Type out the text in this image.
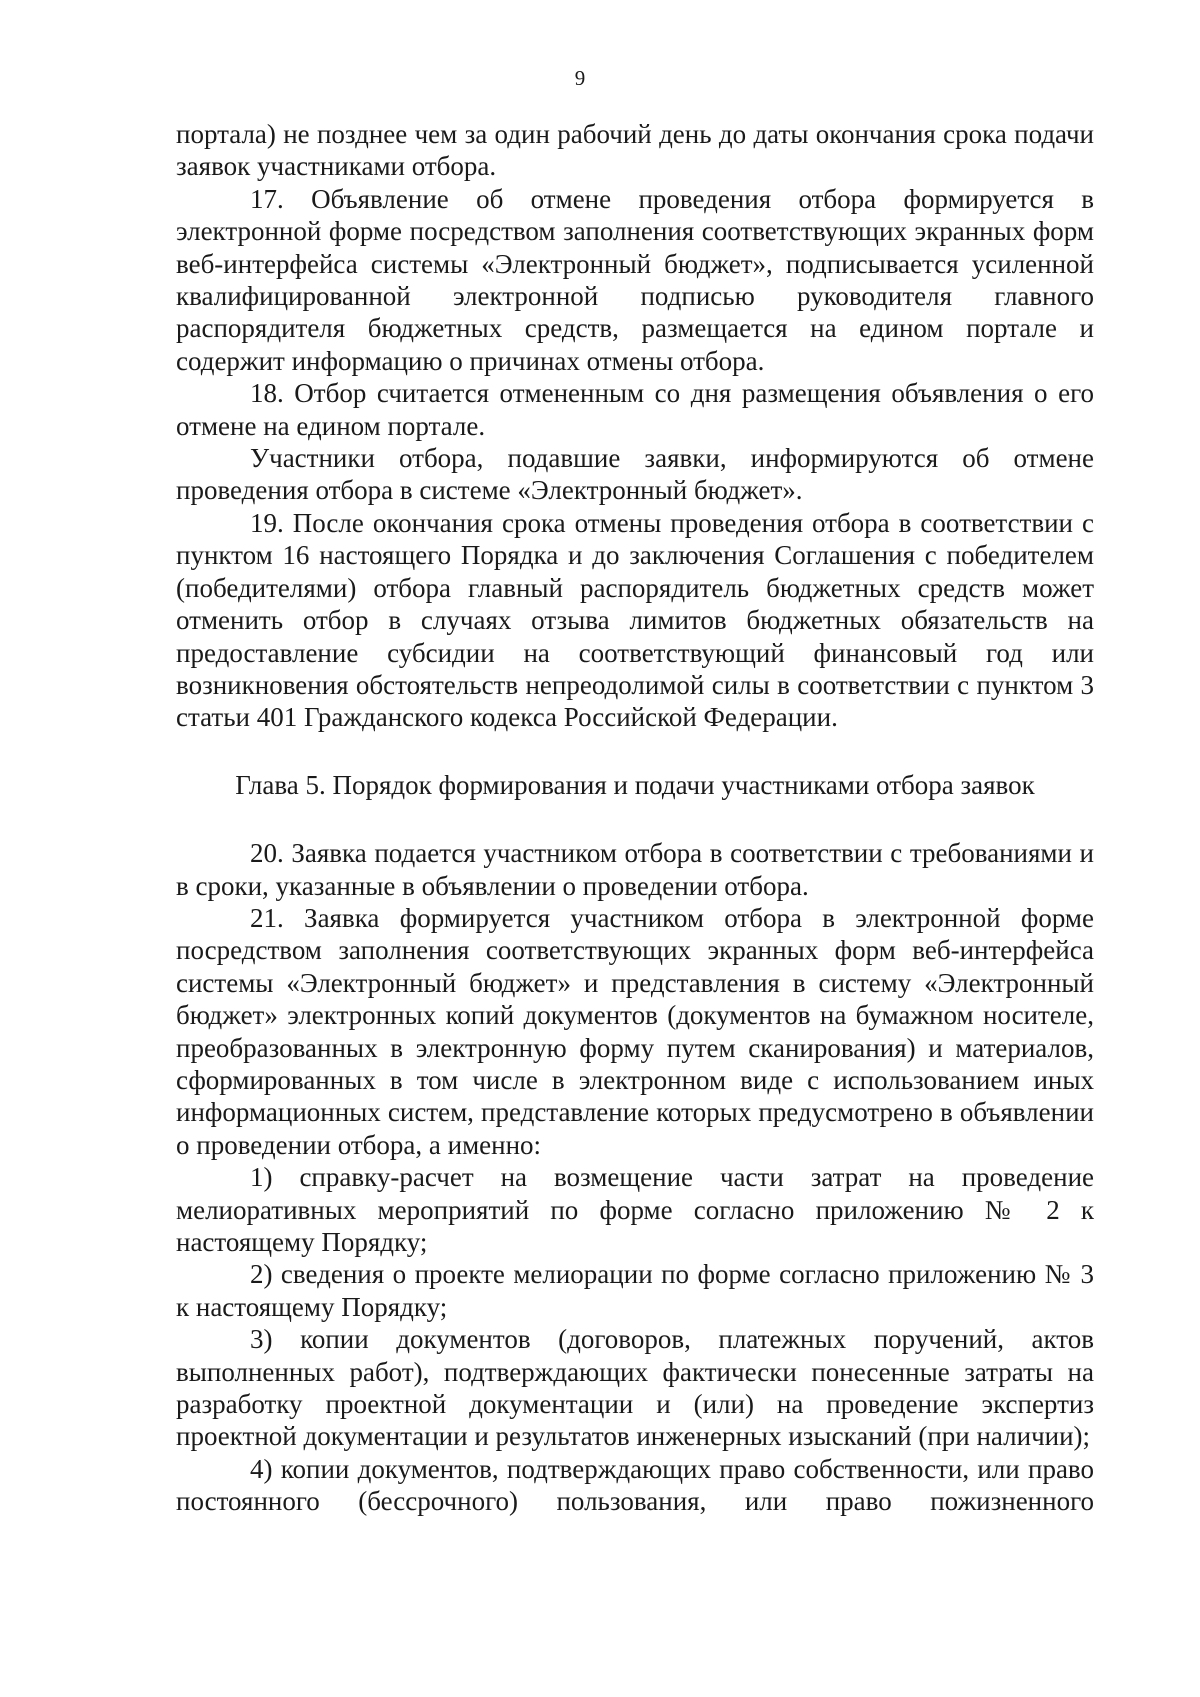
9

портала) не позднее чем за один рабочий день до даты окончания срока подачи заявок участниками отбора.

17. Объявление об отмене проведения отбора формируется в электронной форме посредством заполнения соответствующих экранных форм веб-интерфейса системы «Электронный бюджет», подписывается усиленной квалифицированной электронной подписью руководителя главного распорядителя бюджетных средств, размещается на едином портале и содержит информацию о причинах отмены отбора.

18. Отбор считается отмененным со дня размещения объявления о его отмене на едином портале.

Участники отбора, подавшие заявки, информируются об отмене проведения отбора в системе «Электронный бюджет».

19. После окончания срока отмены проведения отбора в соответствии с пунктом 16 настоящего Порядка и до заключения Соглашения с победителем (победителями) отбора главный распорядитель бюджетных средств может отменить отбор в случаях отзыва лимитов бюджетных обязательств на предоставление субсидии на соответствующий финансовый год или возникновения обстоятельств непреодолимой силы в соответствии с пунктом 3 статьи 401 Гражданского кодекса Российской Федерации.

Глава 5. Порядок формирования и подачи участниками отбора заявок

20. Заявка подается участником отбора в соответствии с требованиями и в сроки, указанные в объявлении о проведении отбора.

21. Заявка формируется участником отбора в электронной форме посредством заполнения соответствующих экранных форм веб-интерфейса системы «Электронный бюджет» и представления в систему «Электронный бюджет» электронных копий документов (документов на бумажном носителе, преобразованных в электронную форму путем сканирования) и материалов, сформированных в том числе в электронном виде с использованием иных информационных систем, представление которых предусмотрено в объявлении о проведении отбора, а именно:

1) справку-расчет на возмещение части затрат на проведение мелиоративных мероприятий по форме согласно приложению № 2 к настоящему Порядку;

2) сведения о проекте мелиорации по форме согласно приложению № 3 к настоящему Порядку;

3) копии документов (договоров, платежных поручений, актов выполненных работ), подтверждающих фактически понесенные затраты на разработку проектной документации и (или) на проведение экспертиз проектной документации и результатов инженерных изысканий (при наличии);

4) копии документов, подтверждающих право собственности, или право постоянного (бессрочного) пользования, или право пожизненного
